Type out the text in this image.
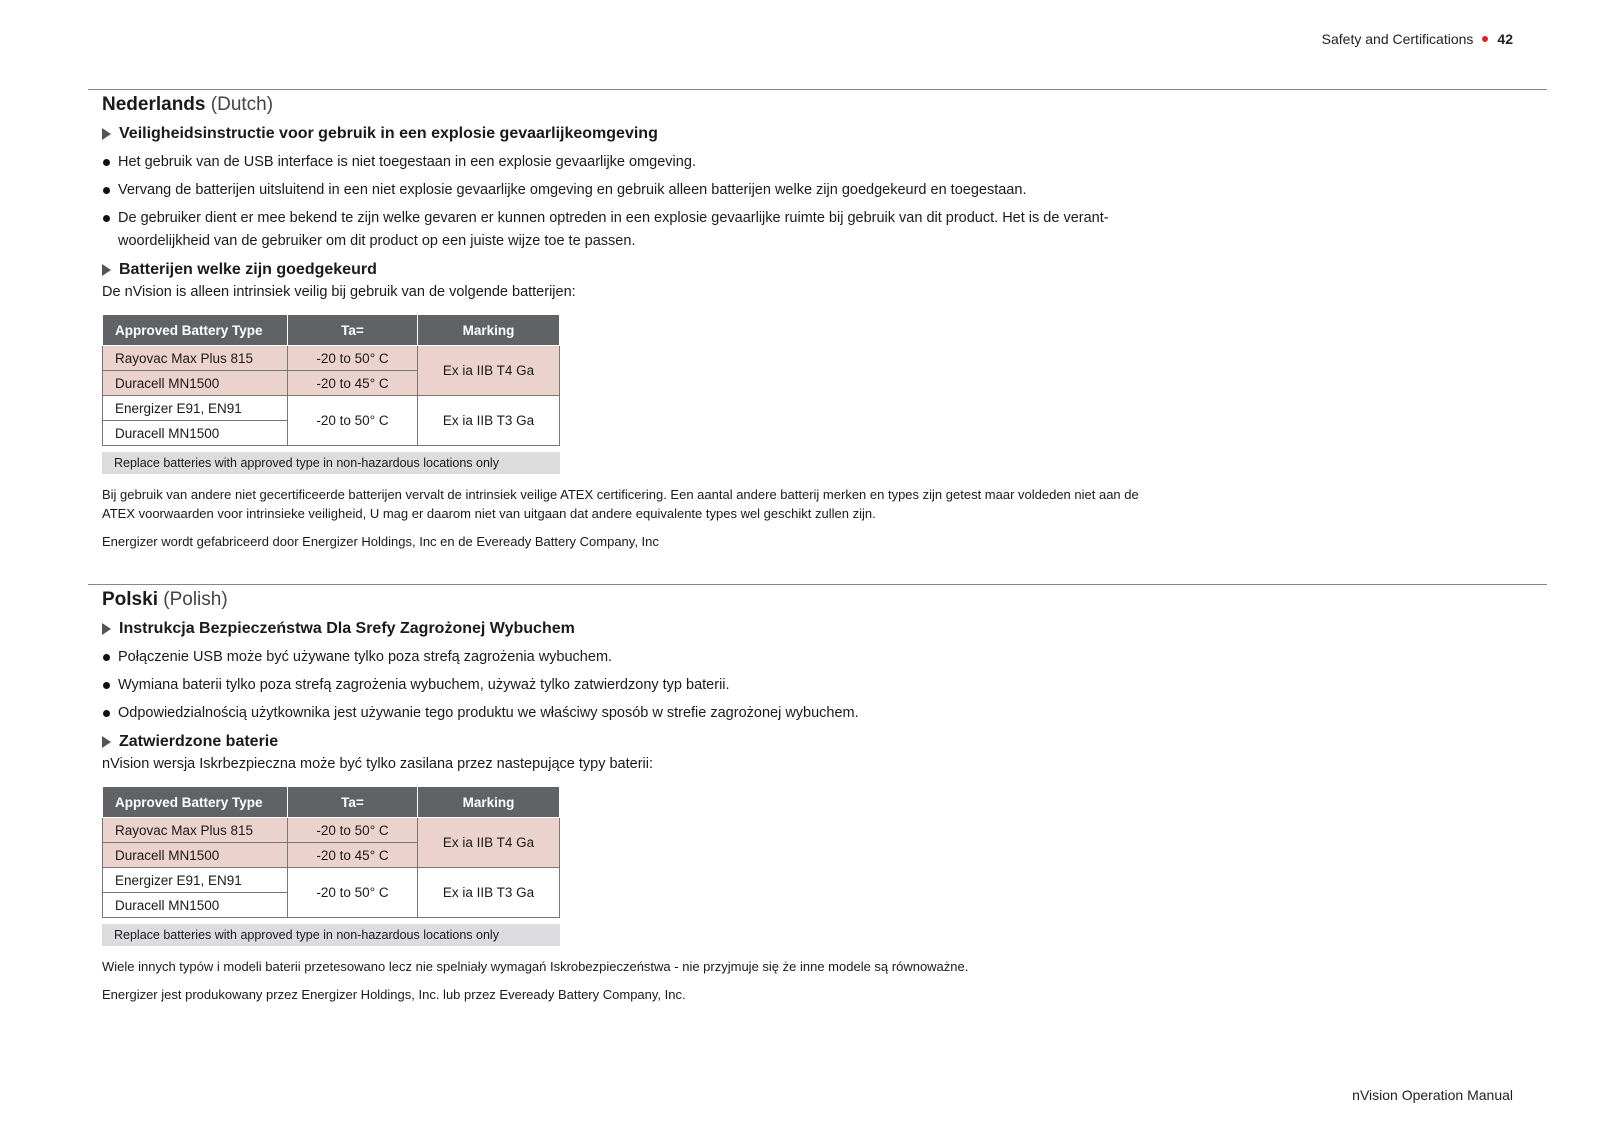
Safety and Certifications 42
Nederlands (Dutch)
Veiligheidsinstructie voor gebruik in een explosie gevaarlijkeomgeving
Het gebruik van de USB interface is niet toegestaan in een explosie gevaarlijke omgeving.
Vervang de batterijen uitsluitend in een niet explosie gevaarlijke omgeving en gebruik alleen batterijen welke zijn goedgekeurd en toegestaan.
De gebruiker dient er mee bekend te zijn welke gevaren er kunnen optreden in een explosie gevaarlijke ruimte bij gebruik van dit product. Het is de verant-woordelijkheid van de gebruiker om dit product op een juiste wijze toe te passen.
Batterijen welke zijn goedgekeurd

De nVision is alleen intrinsiek veilig bij gebruik van de volgende batterijen:

Approved Battery Type	Ta=	Marking
Rayovac Max Plus 815	-20 to 50° C	Ex ia IIB T4 Ga
Duracell MN1500	-20 to 45° C	
Energizer E91, EN91	-20 to 50° C	Ex ia IIB T3 Ga
Duracell MN1500		
Replace batteries with approved type in non-hazardous locations only

Bij gebruik van andere niet gecertificeerde batterijen vervalt de intrinsiek veilige ATEX certificering. Een aantal andere batterij merken en types zijn getest maar voldeden niet aan de ATEX voorwaarden voor intrinsieke veiligheid, U mag er daarom niet van uitgaan dat andere equivalente types wel geschikt zullen zijn.

Energizer wordt gefabriceerd door Energizer Holdings, Inc en de Eveready Battery Company, Inc

Polski (Polish)
Instrukcja Bezpieczeństwa Dla Srefy Zagrożonej Wybuchem
Połączenie USB może być używane tylko poza strefą zagrożenia wybuchem.
Wymiana baterii tylko poza strefą zagrożenia wybuchem, używaż tylko zatwierdzony typ baterii.
Odpowiedzialnością użytkownika jest używanie tego produktu we właściwy sposób w strefie zagrożonej wybuchem.
Zatwierdzone baterie

nVision wersja Iskrbezpieczna może być tylko zasilana przez nastepujące typy baterii:

Approved Battery Type	Ta=	Marking
Rayovac Max Plus 815	-20 to 50° C	Ex ia IIB T4 Ga
Duracell MN1500	-20 to 45° C	
Energizer E91, EN91	-20 to 50° C	Ex ia IIB T3 Ga
Duracell MN1500		
Replace batteries with approved type in non-hazardous locations only

Wiele innych typów i modeli baterii przetesowano lecz nie spelniały wymagań Iskrobezpieczeństwa - nie przyjmuje się że inne modele są równoważne.

Energizer jest produkowany przez Energizer Holdings, Inc. lub przez Eveready Battery Company, Inc.

nVision Operation Manual
